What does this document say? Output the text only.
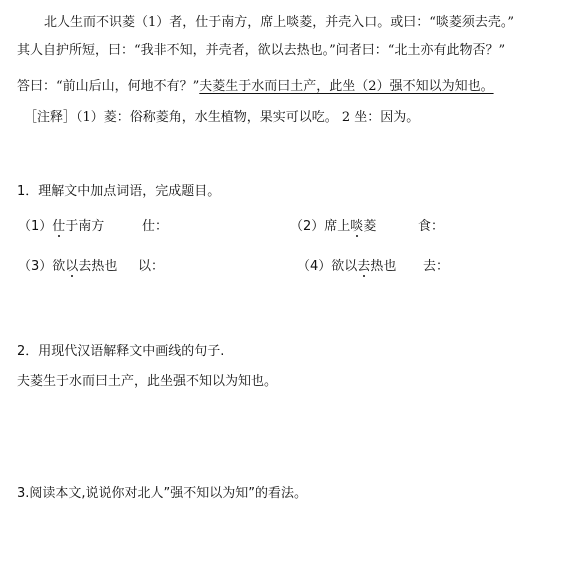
北人生而不识菱（1）者，仕于南方，席上啖菱，并壳入口。或曰：“啖菱须去壳。”
其人自护所短，曰：“我非不知，并壳者，欲以去热也。”问者曰：“北土亦有此物否？”
答曰：“前山后山，何地不有？”夫菱生于水而曰土产，此坐（2）强不知以为知也。
［注释］（1）菱：俗称菱角，水生植物，果实可以吃。 2 坐：因为。
1．理解文中加点词语，完成题目。
（1）仕于南方	仕：	（2）席上啖菱	食：
（3）欲以去热也 以：	（4）欲以去热也 去：
2．用现代汉语解释文中画线的句子.
夫菱生于水而曰土产，此坐强不知以为知也。
3.阅读本文,说说你对北人”强不知以为知”的看法。
